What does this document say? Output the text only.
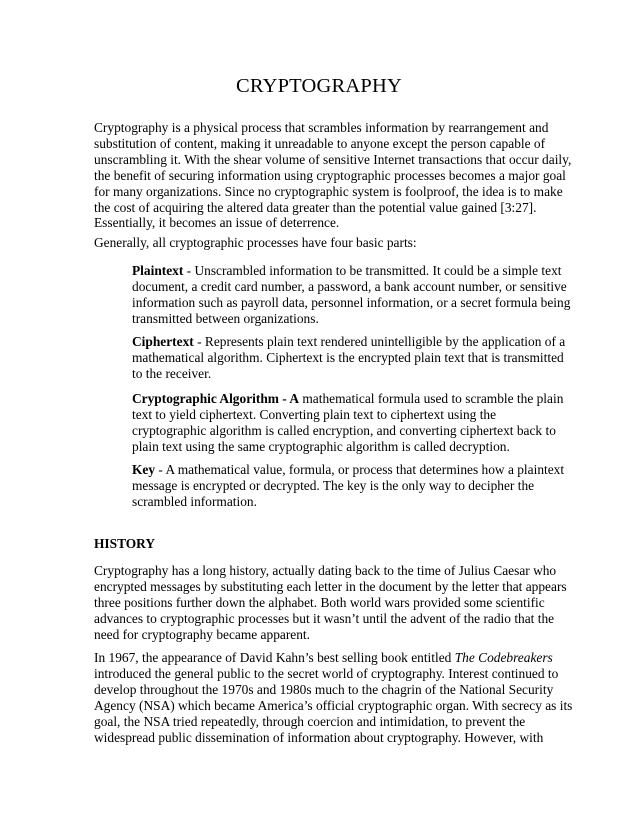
CRYPTOGRAPHY

Cryptography is a physical process that scrambles information by rearrangement and
substitution of content, making it unreadable to anyone except the person capable of
unscrambling it. With the shear volume of sensitive Internet transactions that occur daily,
the benefit of securing information using cryptographic processes becomes a major goal
for many organizations. Since no cryptographic system is foolproof, the idea is to make
the cost of acquiring the altered data greater than the potential value gained [3:27].
Essentially, it becomes an issue of deterrence.

Generally, all cryptographic processes have four basic parts:

Plaintext - Unscrambled information to be transmitted. It could be a simple text
document, a credit card number, a password, a bank account number, or sensitive
information such as payroll data, personnel information, or a secret formula being
transmitted between organizations.

Ciphertext - Represents plain text rendered unintelligible by the application of a
mathematical algorithm. Ciphertext is the encrypted plain text that is transmitted
to the receiver.

Cryptographic Algorithm - A mathematical formula used to scramble the plain
text to yield ciphertext. Converting plain text to ciphertext using the
cryptographic algorithm is called encryption, and converting ciphertext back to
plain text using the same cryptographic algorithm is called decryption.

Key - A mathematical value, formula, or process that determines how a plaintext
message is encrypted or decrypted. The key is the only way to decipher the
scrambled information.

HISTORY

Cryptography has a long history, actually dating back to the time of Julius Caesar who
encrypted messages by substituting each letter in the document by the letter that appears
three positions further down the alphabet. Both world wars provided some scientific
advances to cryptographic processes but it wasn’t until the advent of the radio that the
need for cryptography became apparent.

In 1967, the appearance of David Kahn’s best selling book entitled The Codebreakers
introduced the general public to the secret world of cryptography. Interest continued to
develop throughout the 1970s and 1980s much to the chagrin of the National Security
Agency (NSA) which became America’s official cryptographic organ. With secrecy as its
goal, the NSA tried repeatedly, through coercion and intimidation, to prevent the
widespread public dissemination of information about cryptography. However, with
